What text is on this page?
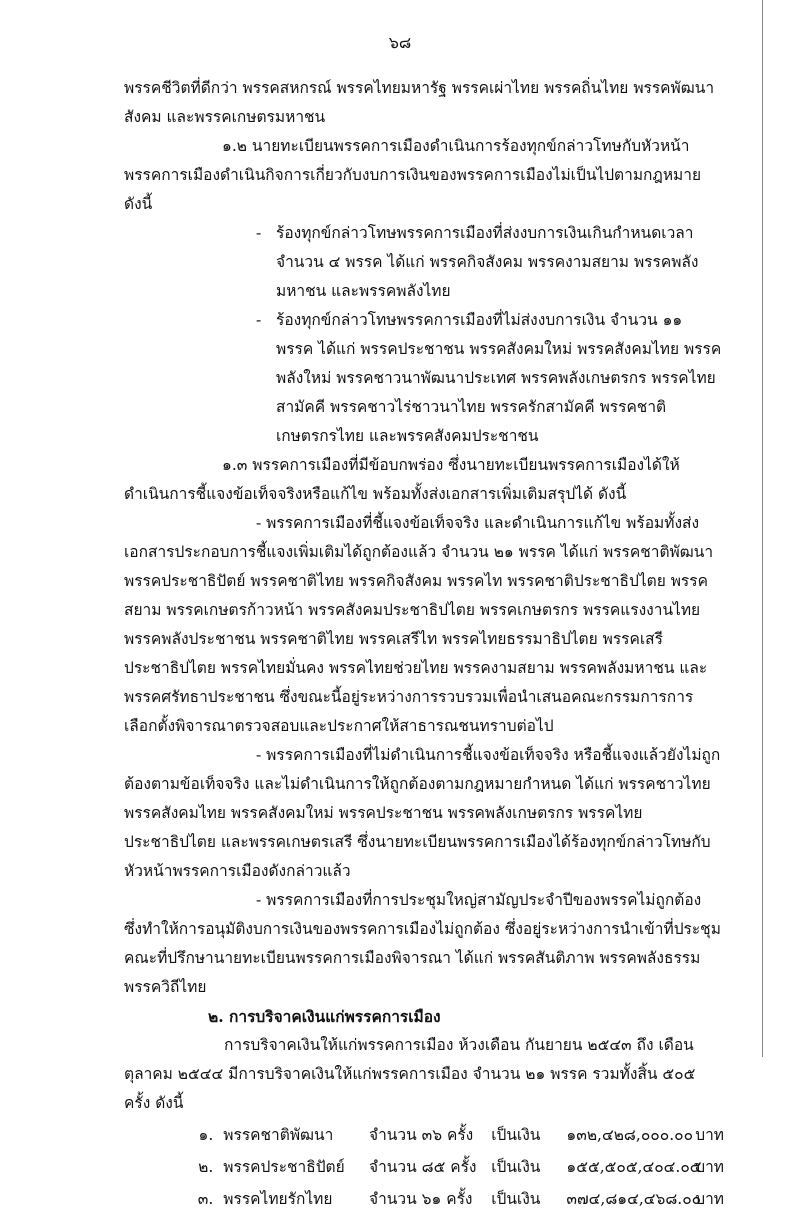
๖๘

พรรคชีวิตที่ดีกว่า พรรคสหกรณ์ พรรคไทยมหารัฐ พรรคเผ่าไทย พรรคถิ่นไทย พรรคพัฒนาสังคม และพรรคเกษตรมหาชน

๑.๒ นายทะเบียนพรรคการเมืองดำเนินการร้องทุกข์กล่าวโทษกับหัวหน้าพรรคการเมืองดำเนินกิจการเกี่ยวกับงบการเงินของพรรคการเมืองไม่เป็นไปตามกฎหมาย ดังนี้

- ร้องทุกข์กล่าวโทษพรรคการเมืองที่ส่งงบการเงินเกินกำหนดเวลา จำนวน ๔ พรรค ได้แก่ พรรคกิจสังคม พรรคงามสยาม พรรคพลังมหาชน และพรรคพลังไทย
- ร้องทุกข์กล่าวโทษพรรคการเมืองที่ไม่ส่งงบการเงิน จำนวน ๑๑ พรรค ได้แก่ พรรคประชาชน พรรคสังคมใหม่ พรรคสังคมไทย พรรคพลังใหม่ พรรคชาวนาพัฒนาประเทศ พรรคพลังเกษตรกร พรรคไทยสามัคคี พรรคชาวไร่ชาวนาไทย พรรครักสามัคคี พรรคชาติเกษตรกรไทย และพรรคสังคมประชาชน

๑.๓ พรรคการเมืองที่มีข้อบกพร่อง ซึ่งนายทะเบียนพรรคการเมืองได้ให้ดำเนินการชี้แจงข้อเท็จจริงหรือแก้ไข พร้อมทั้งส่งเอกสารเพิ่มเติมสรุปได้ ดังนี้

- พรรคการเมืองที่ชี้แจงข้อเท็จจริง และดำเนินการแก้ไข พร้อมทั้งส่งเอกสารประกอบการชี้แจงเพิ่มเติมได้ถูกต้องแล้ว จำนวน ๒๑ พรรค ได้แก่ พรรคชาติพัฒนา พรรคประชาธิปัตย์ พรรคชาติไทย พรรคกิจสังคม พรรคไท พรรคชาติประชาธิปไตย พรรคสยาม พรรคเกษตรก้าวหน้า พรรคสังคมประชาธิปไตย พรรคเกษตรกร พรรคแรงงานไทย พรรคพลังประชาชน พรรคชาติไทย พรรคเสรีไท พรรคไทยธรรมาธิปไตย พรรคเสรีประชาธิปไตย พรรคไทยมั่นคง พรรคไทยช่วยไทย พรรคงามสยาม พรรคพลังมหาชน และพรรคศรัทธาประชาชน ซึ่งขณะนี้อยู่ระหว่างการรวบรวมเพื่อนำเสนอคณะกรรมการการเลือกตั้งพิจารณาตรวจสอบและประกาศให้สาธารณชนทราบต่อไป

- พรรคการเมืองที่ไม่ดำเนินการชี้แจงข้อเท็จจริง หรือชี้แจงแล้วยังไม่ถูกต้องตามข้อเท็จจริง และไม่ดำเนินการให้ถูกต้องตามกฎหมายกำหนด ได้แก่ พรรคชาวไทย พรรคสังคมไทย พรรคสังคมใหม่ พรรคประชาชน พรรคพลังเกษตรกร พรรคไทยประชาธิปไตย และพรรคเกษตรเสรี ซึ่งนายทะเบียนพรรคการเมืองได้ร้องทุกข์กล่าวโทษกับหัวหน้าพรรคการเมืองดังกล่าวแล้ว

- พรรคการเมืองที่การประชุมใหญ่สามัญประจำปีของพรรคไม่ถูกต้อง ซึ่งทำให้การอนุมัติงบการเงินของพรรคการเมืองไม่ถูกต้อง ซึ่งอยู่ระหว่างการนำเข้าที่ประชุมคณะที่ปรึกษานายทะเบียนพรรคการเมืองพิจารณา ได้แก่ พรรคสันติภาพ พรรคพลังธรรม พรรควิถีไทย

๒. การบริจาคเงินแก่พรรคการเมือง

การบริจาคเงินให้แก่พรรคการเมือง ห้วงเดือน กันยายน ๒๕๔๓ ถึง เดือน ตุลาคม ๒๕๔๔ มีการบริจาคเงินให้แก่พรรคการเมือง จำนวน ๒๑ พรรค รวมทั้งสิ้น ๕๐๕ ครั้ง ดังนี้

๑. พรรคชาติพัฒนา	จำนวน ๓๖ ครั้ง	เป็นเงิน	๑๓๒,๔๒๘,๐๐๐.๐๐ บาท
๒. พรรคประชาธิปัตย์	จำนวน ๘๕ ครั้ง เป็นเงิน	๑๕๕,๕๐๕,๔๐๔.๐๕
บาท
๓. พรรคไทยรักไทย	จำนวน ๖๑ ครั้ง	เป็นเงิน	๓๗๔,๘๑๔,๔๖๘.๐๐
บาท
